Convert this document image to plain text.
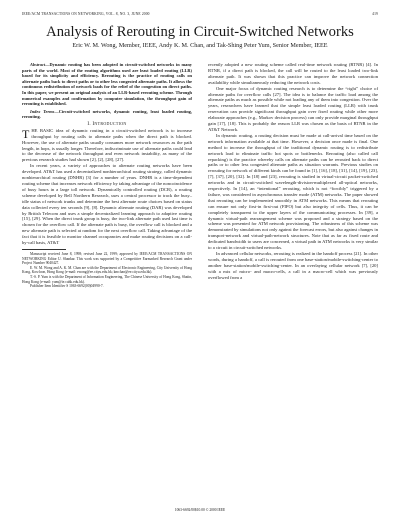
IEEE/ACM TRANSACTIONS ON NETWORKING, VOL. 8, NO. 3, JUNE 2000	419
Analysis of Rerouting in Circuit-Switched Networks
Eric W. M. Wong, Member, IEEE, Andy K. M. Chan, and Tak-Shing Peter Yum, Senior Member, IEEE

Abstract—Dynamic routing has been adopted in circuit-switched networks in many parts of the world. Most of the routing algorithms used are least loaded routing (LLR) based for its simplicity and efficiency. Rerouting is the practice of routing calls on alternate paths back to direct paths or to other less congested alternate paths. It allows the continuous redistribution of network loads for the relief of the congestion on direct paths. In this paper, we present an original analysis of an LLR-based rerouting scheme. Through numerical examples and confirmation by computer simulation, the throughput gain of rerouting is established.

Index Terms—Circuit-switched networks, dynamic routing, least loaded routing, rerouting.

I. Introduction

THE BASIC idea of dynamic routing in a circuit-switched network is to increase throughput by routing calls to alternate paths when the direct path is blocked. However, the use of alternate paths usually consumes more network resources as the path length, in hops, is usually longer. Therefore, indiscriminate use of alternate paths could lead to the decrease of the network throughput and even network instability, as many of the previous research studies had shown [2], [2], [28], [27].

In recent years, a variety of approaches to alternate routing networks have been developed. AT&T has used a decentralized nonhierarchical routing strategy, called dynamic nonhierarchical routing (DNHR) [3] for a number of years. DNHR is a time-dependent routing scheme that increases network efficiency by taking advantage of the noncoincidence of busy hours in a large toll network. Dynamically controlled routing (DCR), a routing scheme developed by Bell Northern Research, uses a central processor to track the busy–idle status of network trunks and determine the best alternate route choices based on status data collected every ten seconds [9], [8]. Dynamic alternate routing (DAR) was developed by British Telecom and uses a simple decentralized learning approach to adaptive routing [15], [29]. When the direct trunk group is busy, the two-link alternate path used last time is chosen for the overflow call. If the alternate path is busy, the overflow call is blocked and a new alternate path is selected at random for the next overflow call. Taking advantage of the fact that it is feasible to monitor channel occupancies and make routing decisions on a call-by-call basis, AT&T

Manuscript received June 8, 1998; revised June 22, 1999; approved by IEEE/ACM TRANSACTIONS ON NETWORKING Editor U. Shankar. This work was supported by a Competitive Earmarked Research Grant under Project Number 9040427.

E. W. M. Wong and A. K. M. Chan are with the Department of Electronic Engineering, City University of Hong Kong, Kowloon, Hong Kong (e-mail: ewong@ee.cityu.edu.hk; kmchan@ee.cityu.edu.hk).

T.-S. P. Yum is with the Department of Information Engineering, The Chinese University of Hong Kong, Shatin, Hong Kong (e-mail: yum@ie.cuhk.edu.hk).

Publisher Item Identifier S 1063-6692(00)04990-7.

recently adopted a new routing scheme called real-time network routing (RTNR) [4]. In RTNR, if a direct path is blocked, the call will be routed to the least loaded two-link alternate path. It was shown that this practice can improve the network connection availability while simultaneously reducing the network costs.

One major focus of dynamic routing research is to determine the “right” choice of alternate paths for overflow calls [27]. The idea is to balance the traffic load among the alternate paths as much as possible while not loading any of them into congestion. Over the years, researchers have learned that the simple least loaded routing (LLR) with trunk reservation can provide significant throughput gain over fixed routing while other more elaborate approaches (e.g., Markov decision process) can only provide marginal throughput gain [17], [18]. This is probably the reason LLR was chosen as the basis of RTNR in the AT&T Network.

In dynamic routing, a routing decision must be made at call-arrival time based on the network information available at that time. However, a decision once made is final. One method to increase the throughput of the traditional dynamic routing is to redistribute network load to eliminate traffic hot spots or bottlenecks. Rerouting (also called call repacking) is the practice whereby calls on alternate paths can be rerouted back to direct paths or to other less congested alternate paths as situation warrants. Previous studies on rerouting for network of different kinds can be found in [1], [16], [18], [31], [14], [19], [23], [7], [37], [20], [32]. In [18] and [23], rerouting is studied in virtual-circuit packet-switched networks and in circuit-switched wavelength-division-multiplexed all-optical networks, respectively. In [14], an “intentional” rerouting, which is not “forcibly” triggered by a failure, was considered in asynchronous transfer mode (ATM) networks. The paper showed that rerouting can be implemented smoothly in ATM networks. This means that rerouting can ensure not only first-in first-out (FIFO) but also integrity of cells. Thus, it can be completely transparent to the upper layers of the communicating processes. In [39], a dynamic virtual-path rearrangement scheme was proposed and a strategy based on the scheme was presented for ATM network provisioning. The robustness of this scheme was demonstrated by simulations not only against the forecast errors, but also against changes in transport-network and virtual-path-network structures. Note that as far as fixed route and dedicated bandwidth to users are concerned, a virtual path in ATM networks is very similar to a circuit in circuit-switched networks.

In advanced cellular networks, rerouting is realized in the handoff process [21]. In other words, during a handoff, a call is rerouted from one base-station/mobile-switching-center to another base-station/mobile-switching-center. In an overlaying cellular network [7], [20] with a mix of micro- and macro-cells, a call in a macro-cell which was previously overflowed from a

1063-6692/00$10.00 © 2000 IEEE
